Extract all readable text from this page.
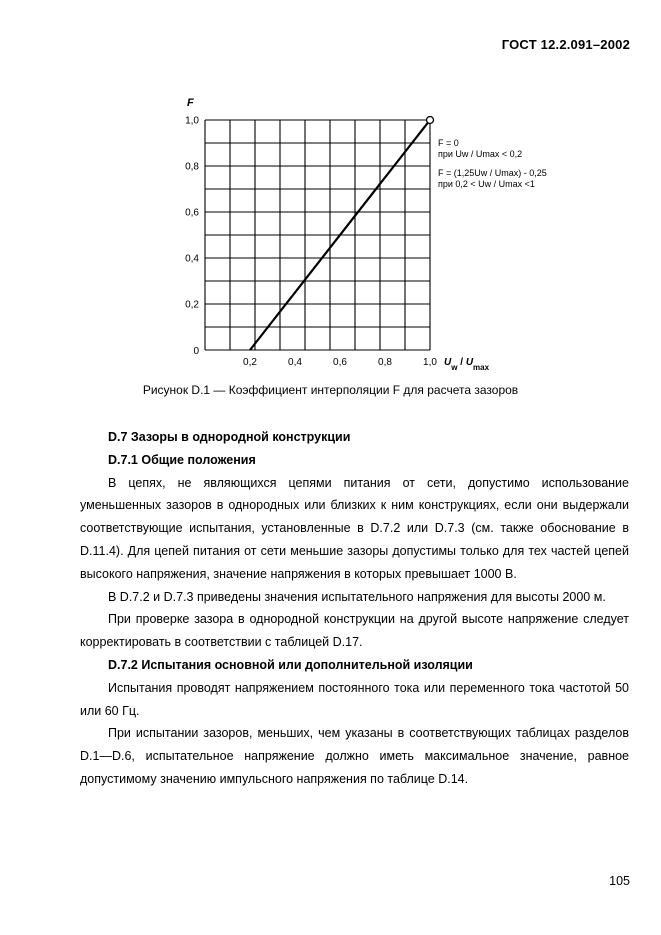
ГОСТ 12.2.091–2002
0,2
0,4
0,6
0,8
1,0
0
0,2	0,4	0,6	0,8	1,0
F
$U_w / U_{max}$
F = 0
при Uw / Umax < 0,2
F = (1,25Uw / Umax) - 0,25
при 0,2 < Uw / Umax <1
Рисунок D.1 — Коэффициент интерполяции F для расчета зазоров
D.7 Зазоры в однородной конструкции
D.7.1 Общие положения

В цепях, не являющихся цепями питания от сети, допустимо использование уменьшенных зазоров в однородных или близких к ним конструкциях, если они выдержали соответствующие испытания, установленные в D.7.2 или D.7.3 (см. также обоснование в D.11.4). Для цепей питания от сети меньшие зазоры допустимы только для тех частей цепей высокого напряжения, значение напряжения в которых превышает 1000 В.

В D.7.2 и D.7.3 приведены значения испытательного напряжения для высоты 2000 м.

При проверке зазора в однородной конструкции на другой высоте напряжение следует корректировать в соответствии с таблицей D.17.

D.7.2 Испытания основной или дополнительной изоляции

Испытания проводят напряжением постоянного тока или переменного тока частотой 50 или 60 Гц.

При испытании зазоров, меньших, чем указаны в соответствующих таблицах разделов D.1—D.6, испытательное напряжение должно иметь максимальное значение, равное допустимому значению импульсного напряжения по таблице D.14.

105
